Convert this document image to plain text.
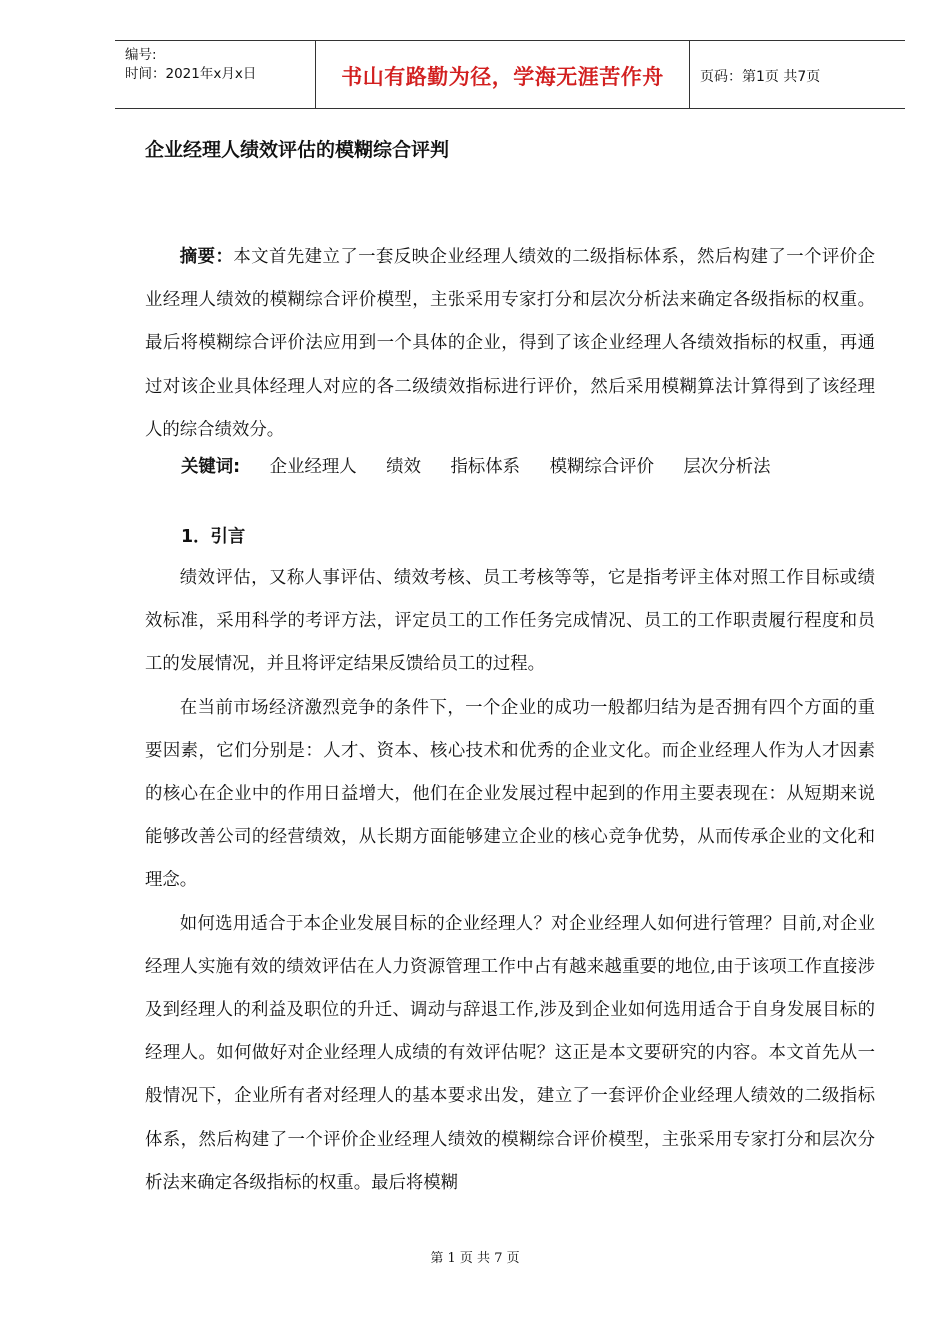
编号:
时间：2021年x月x日	书山有路勤为径，学海无涯苦作舟	页码：第1页 共7页
企业经理人绩效评估的模糊综合评判

摘要：本文首先建立了一套反映企业经理人绩效的二级指标体系，然后构建了一个评价企业经理人绩效的模糊综合评价模型，主张采用专家打分和层次分析法来确定各级指标的权重。最后将模糊综合评价法应用到一个具体的企业，得到了该企业经理人各绩效指标的权重，再通过对该企业具体经理人对应的各二级绩效指标进行评价，然后采用模糊算法计算得到了该经理人的综合绩效分。

关键词: 企业经理人 绩效 指标体系 模糊综合评价 层次分析法
1．引言

绩效评估，又称人事评估、绩效考核、员工考核等等，它是指考评主体对照工作目标或绩效标准，采用科学的考评方法，评定员工的工作任务完成情况、员工的工作职责履行程度和员工的发展情况，并且将评定结果反馈给员工的过程。

在当前市场经济激烈竞争的条件下，一个企业的成功一般都归结为是否拥有四个方面的重要因素，它们分别是：人才、资本、核心技术和优秀的企业文化。而企业经理人作为人才因素的核心在企业中的作用日益增大，他们在企业发展过程中起到的作用主要表现在：从短期来说能够改善公司的经营绩效，从长期方面能够建立企业的核心竞争优势，从而传承企业的文化和理念。

如何选用适合于本企业发展目标的企业经理人？对企业经理人如何进行管理？目前,对企业经理人实施有效的绩效评估在人力资源管理工作中占有越来越重要的地位,由于该项工作直接涉及到经理人的利益及职位的升迁、调动与辞退工作,涉及到企业如何选用适合于自身发展目标的经理人。如何做好对企业经理人成绩的有效评估呢？这正是本文要研究的内容。本文首先从一般情况下，企业所有者对经理人的基本要求出发，建立了一套评价企业经理人绩效的二级指标体系，然后构建了一个评价企业经理人绩效的模糊综合评价模型，主张采用专家打分和层次分析法来确定各级指标的权重。最后将模糊

第 1 页 共 7 页
